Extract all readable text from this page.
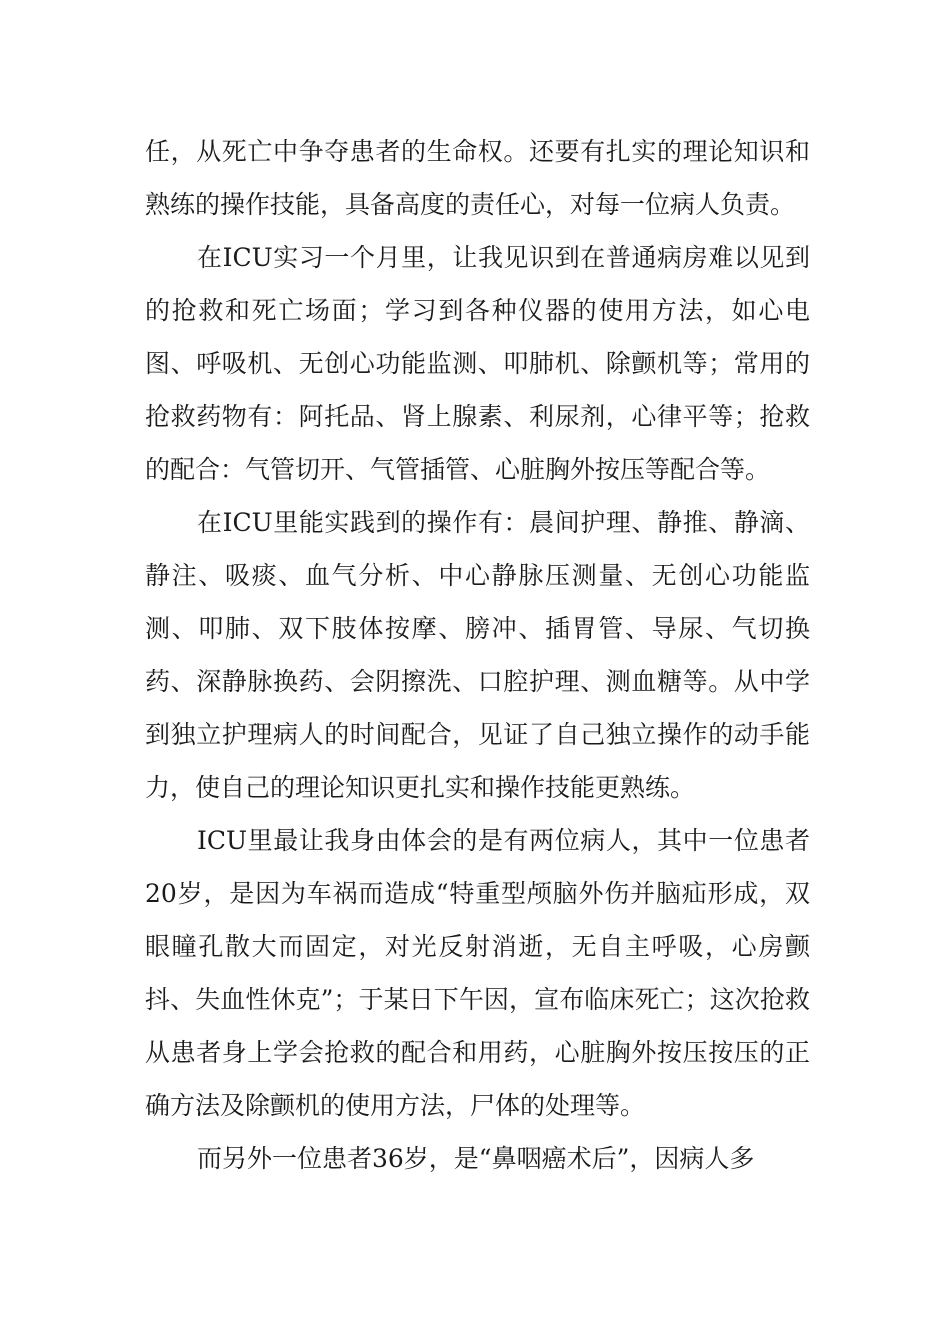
任，从死亡中争夺患者的生命权。还要有扎实的理论知识和熟练的操作技能，具备高度的责任心，对每一位病人负责。

在ICU实习一个月里，让我见识到在普通病房难以见到的抢救和死亡场面；学习到各种仪器的使用方法，如心电图、呼吸机、无创心功能监测、叩肺机、除颤机等；常用的抢救药物有：阿托品、肾上腺素、利尿剂，心律平等；抢救的配合：气管切开、气管插管、心脏胸外按压等配合等。

在ICU里能实践到的操作有：晨间护理、静推、静滴、静注、吸痰、血气分析、中心静脉压测量、无创心功能监测、叩肺、双下肢体按摩、膀冲、插胃管、导尿、气切换药、深静脉换药、会阴擦洗、口腔护理、测血糖等。从中学到独立护理病人的时间配合，见证了自己独立操作的动手能力，使自己的理论知识更扎实和操作技能更熟练。

ICU里最让我身由体会的是有两位病人，其中一位患者20岁，是因为车祸而造成“特重型颅脑外伤并脑疝形成，双眼瞳孔散大而固定，对光反射消逝，无自主呼吸，心房颤抖、失血性休克”；于某日下午因，宣布临床死亡；这次抢救从患者身上学会抢救的配合和用药，心脏胸外按压按压的正确方法及除颤机的使用方法，尸体的处理等。

而另外一位患者36岁，是“鼻咽癌术后”，因病人多
